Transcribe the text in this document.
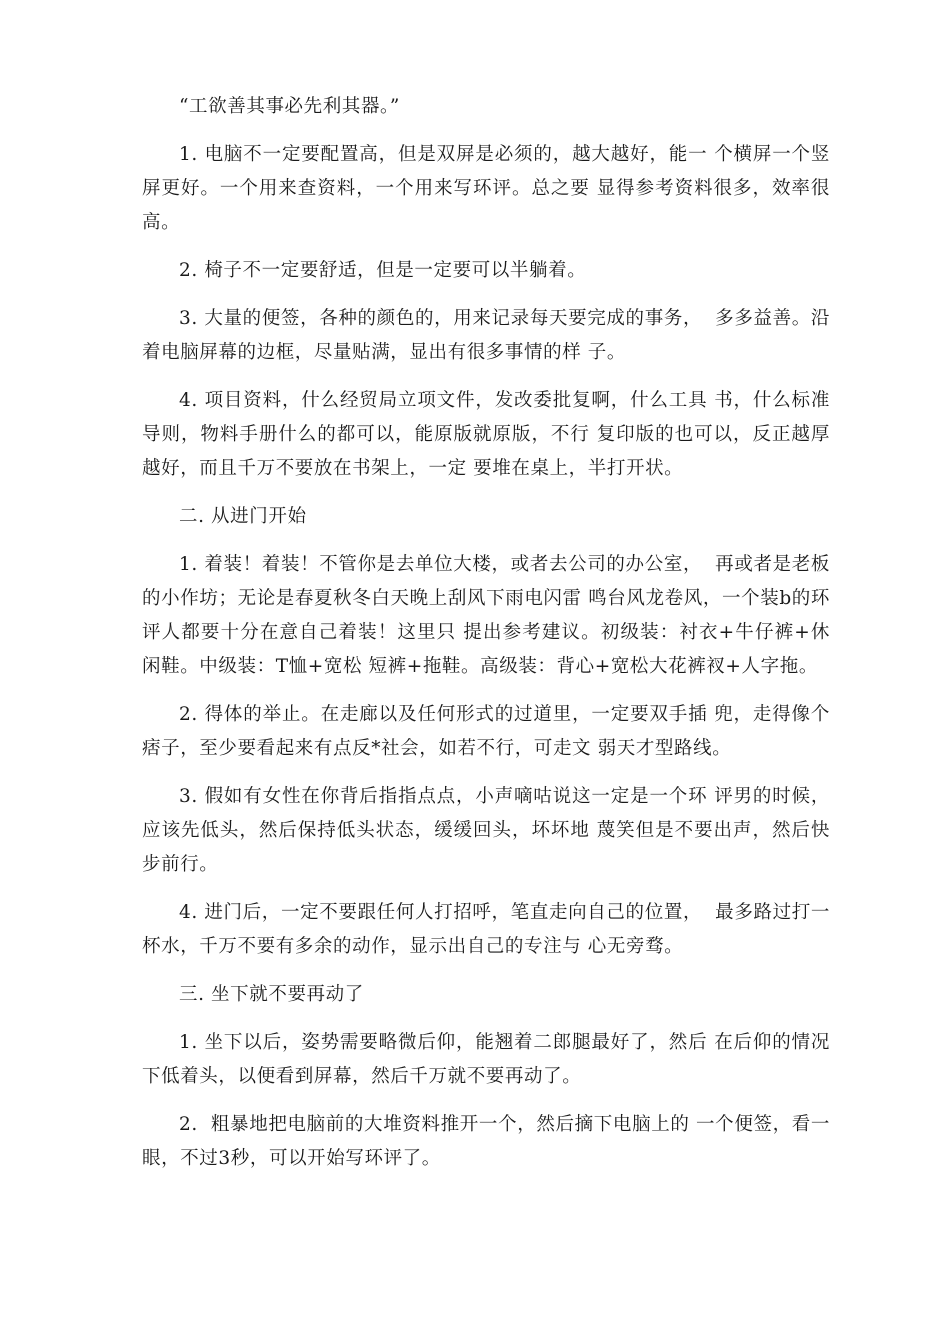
“工欲善其事必先利其器。”

1. 电脑不一定要配置高，但是双屏是必须的，越大越好，能一 个横屏一个竖屏更好。一个用来查资料，一个用来写环评。总之要 显得参考资料很多，效率很高。

2. 椅子不一定要舒适，但是一定要可以半躺着。

3. 大量的便签，各种的颜色的，用来记录每天要完成的事务，  多多益善。沿着电脑屏幕的边框，尽量贴满，显出有很多事情的样 子。

4. 项目资料，什么经贸局立项文件，发改委批复啊，什么工具 书，什么标准导则，物料手册什么的都可以，能原版就原版，不行 复印版的也可以，反正越厚越好，而且千万不要放在书架上，一定 要堆在桌上，半打开状。

二. 从进门开始

1. 着装！着装！不管你是去单位大楼，或者去公司的办公室，  再或者是老板的小作坊；无论是春夏秋冬白天晚上刮风下雨电闪雷 鸣台风龙卷风，一个装b的环评人都要十分在意自己着装！这里只 提出参考建议。初级装：衬衣+牛仔裤+休闲鞋。中级装：T恤+宽松 短裤+拖鞋。高级装：背心+宽松大花裤衩+人字拖。

2. 得体的举止。在走廊以及任何形式的过道里，一定要双手插 兜，走得像个痞子，至少要看起来有点反*社会，如若不行，可走文 弱天才型路线。

3. 假如有女性在你背后指指点点，小声嘀咕说这一定是一个环 评男的时候，应该先低头，然后保持低头状态，缓缓回头，坏坏地 蔑笑但是不要出声，然后快步前行。

4. 进门后，一定不要跟任何人打招呼，笔直走向自己的位置，  最多路过打一杯水，千万不要有多余的动作，显示出自己的专注与 心无旁骛。

三. 坐下就不要再动了

1. 坐下以后，姿势需要略微后仰，能翘着二郎腿最好了，然后 在后仰的情况下低着头，以便看到屏幕，然后千万就不要再动了。

2.  粗暴地把电脑前的大堆资料推开一个，然后摘下电脑上的 一个便签，看一眼，不过3秒，可以开始写环评了。
